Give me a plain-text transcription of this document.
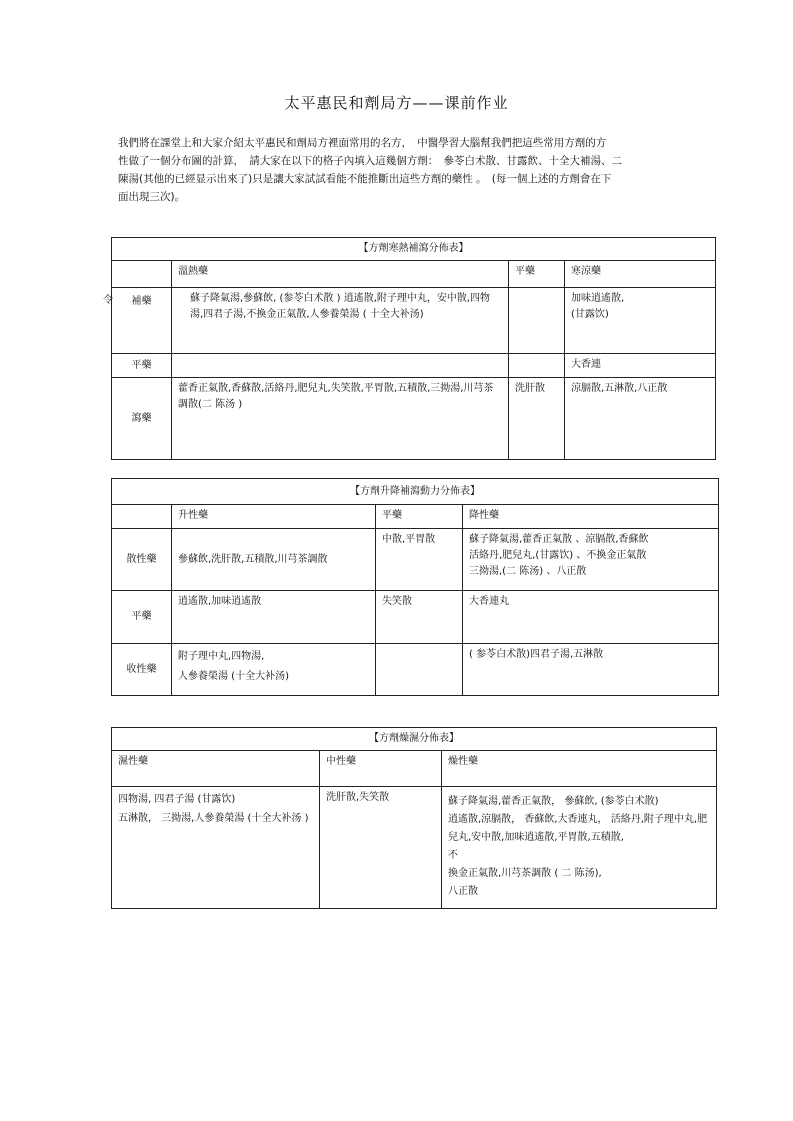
太平惠民和劑局方——课前作业

我們將在課堂上和大家介紹太平惠民和劑局方裡面常用的名方，　中醫學習大腦幫我們把這些常用方劑的方

性做了一個分布圖的計算，　請大家在以下的格子內填入這幾個方劑：　參苓白术散、甘露飲、十全大補湯、二

陳湯(其他的已經显示出來了)只是讓大家試試看能不能推斷出這些方劑的藥性 。　(每一個上述的方劑會在下

面出現三次)。

令
【方劑寒熱補瀉分佈表】			
	溫熱藥	平藥	寒涼藥
補藥	蘇子降氣湯,參蘇飲, (参苓白术散 ) 逍遙散,附子理中丸，安中散,四物湯,四君子湯,不換金正氣散,人參養榮湯 ( 十全大补汤)		加味逍遙散,
(甘露饮)
平藥			大香連
瀉藥	藿香正氣散,香蘇散,活絡丹,肥兒丸,失笑散,平胃散,五積散,三拗湯,川芎茶調散(二 陈汤 )	洗肝散	涼膈散,五淋散,八正散
【方劑升降補瀉動力分佈表】			
	升性藥	平藥	降性藥
散性藥	參蘇飲,洗肝散,五積散,川芎茶調散	中散,平胃散	蘇子降氣湯,藿香正氣散 、涼膈散,香蘇飲
活絡丹,肥兒丸,(甘露饮) 、不換金正氣散
三拗湯,(二 陈汤) 、八正散
平藥	逍遙散,加味逍遙散	失笑散	大香連丸
收性藥	附子理中丸,四物湯,
人參養榮湯 (十全大补汤)		( 参苓白术散)四君子湯,五淋散
【方劑燥濕分佈表】		
濕性藥	中性藥	燥性藥
四物湯, 四君子湯 (甘露饮)
五淋散， 三拗湯,人參養榮湯 (十全大补汤 )	洗肝散,失笑散	蘇子降氣湯,藿香正氣散， 參蘇飲, (参苓白术散)
逍遙散,涼膈散， 香蘇飲,大香連丸， 活絡丹,附子理中丸,肥兒丸,安中散,加味逍遙散,平胃散,五積散,
不
換金正氣散,川芎茶調散 ( 二 陈汤),
八正散
